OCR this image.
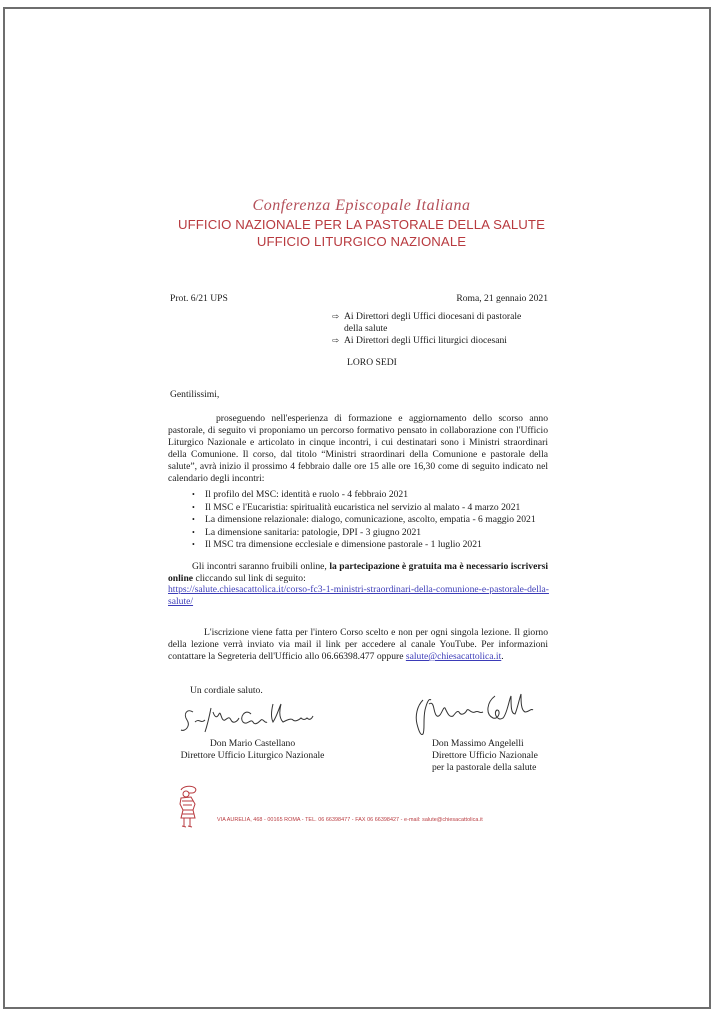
Conferenza Episcopale Italiana
UFFICIO NAZIONALE PER LA PASTORALE DELLA SALUTE
UFFICIO LITURGICO NAZIONALE
Prot. 6/21 UPS	Roma, 21 gennaio 2021
⇨ Ai Direttori degli Uffici diocesani di pastorale
della salute
⇨ Ai Direttori degli Uffici liturgici diocesani
LORO SEDI
Gentilissimi,
proseguendo nell'esperienza di formazione e aggiornamento dello scorso anno pastorale, di seguito vi proponiamo un percorso formativo pensato in collaborazione con l'Ufficio Liturgico Nazionale e articolato in cinque incontri, i cui destinatari sono i Ministri straordinari della Comunione. Il corso, dal titolo “Ministri straordinari della Comunione e pastorale della salute”, avrà inizio il prossimo 4 febbraio dalle ore 15 alle ore 16,30 come di seguito indicato nel calendario degli incontri:
•	Il profilo del MSC: identità e ruolo - 4 febbraio 2021
•	Il MSC e l'Eucaristia: spiritualità eucaristica nel servizio al malato - 4 marzo 2021
•	La dimensione relazionale: dialogo, comunicazione, ascolto, empatia - 6 maggio 2021
•	La dimensione sanitaria: patologie, DPI - 3 giugno 2021
•	Il MSC tra dimensione ecclesiale e dimensione pastorale - 1 luglio 2021
Gli incontri saranno fruibili online, la partecipazione è gratuita ma è necessario iscriversi online cliccando sul link di seguito:
https://salute.chiesacattolica.it/corso-fc3-1-ministri-straordinari-della-comunione-e-pastorale-della-salute/
L'iscrizione viene fatta per l'intero Corso scelto e non per ogni singola lezione. Il giorno della lezione verrà inviato via mail il link per accedere al canale YouTube. Per informazioni contattare la Segreteria dell'Ufficio allo 06.66398.477 oppure salute@chiesacattolica.it.
Un cordiale saluto.
Don Mario Castellano
Direttore Ufficio Liturgico Nazionale
Don Massimo Angelelli
Direttore Ufficio Nazionale
per la pastorale della salute
VIA AURELIA, 468 - 00165 ROMA - TEL. 06 66398477 - FAX 06 66398427 - e-mail: salute@chiesacattolica.it
